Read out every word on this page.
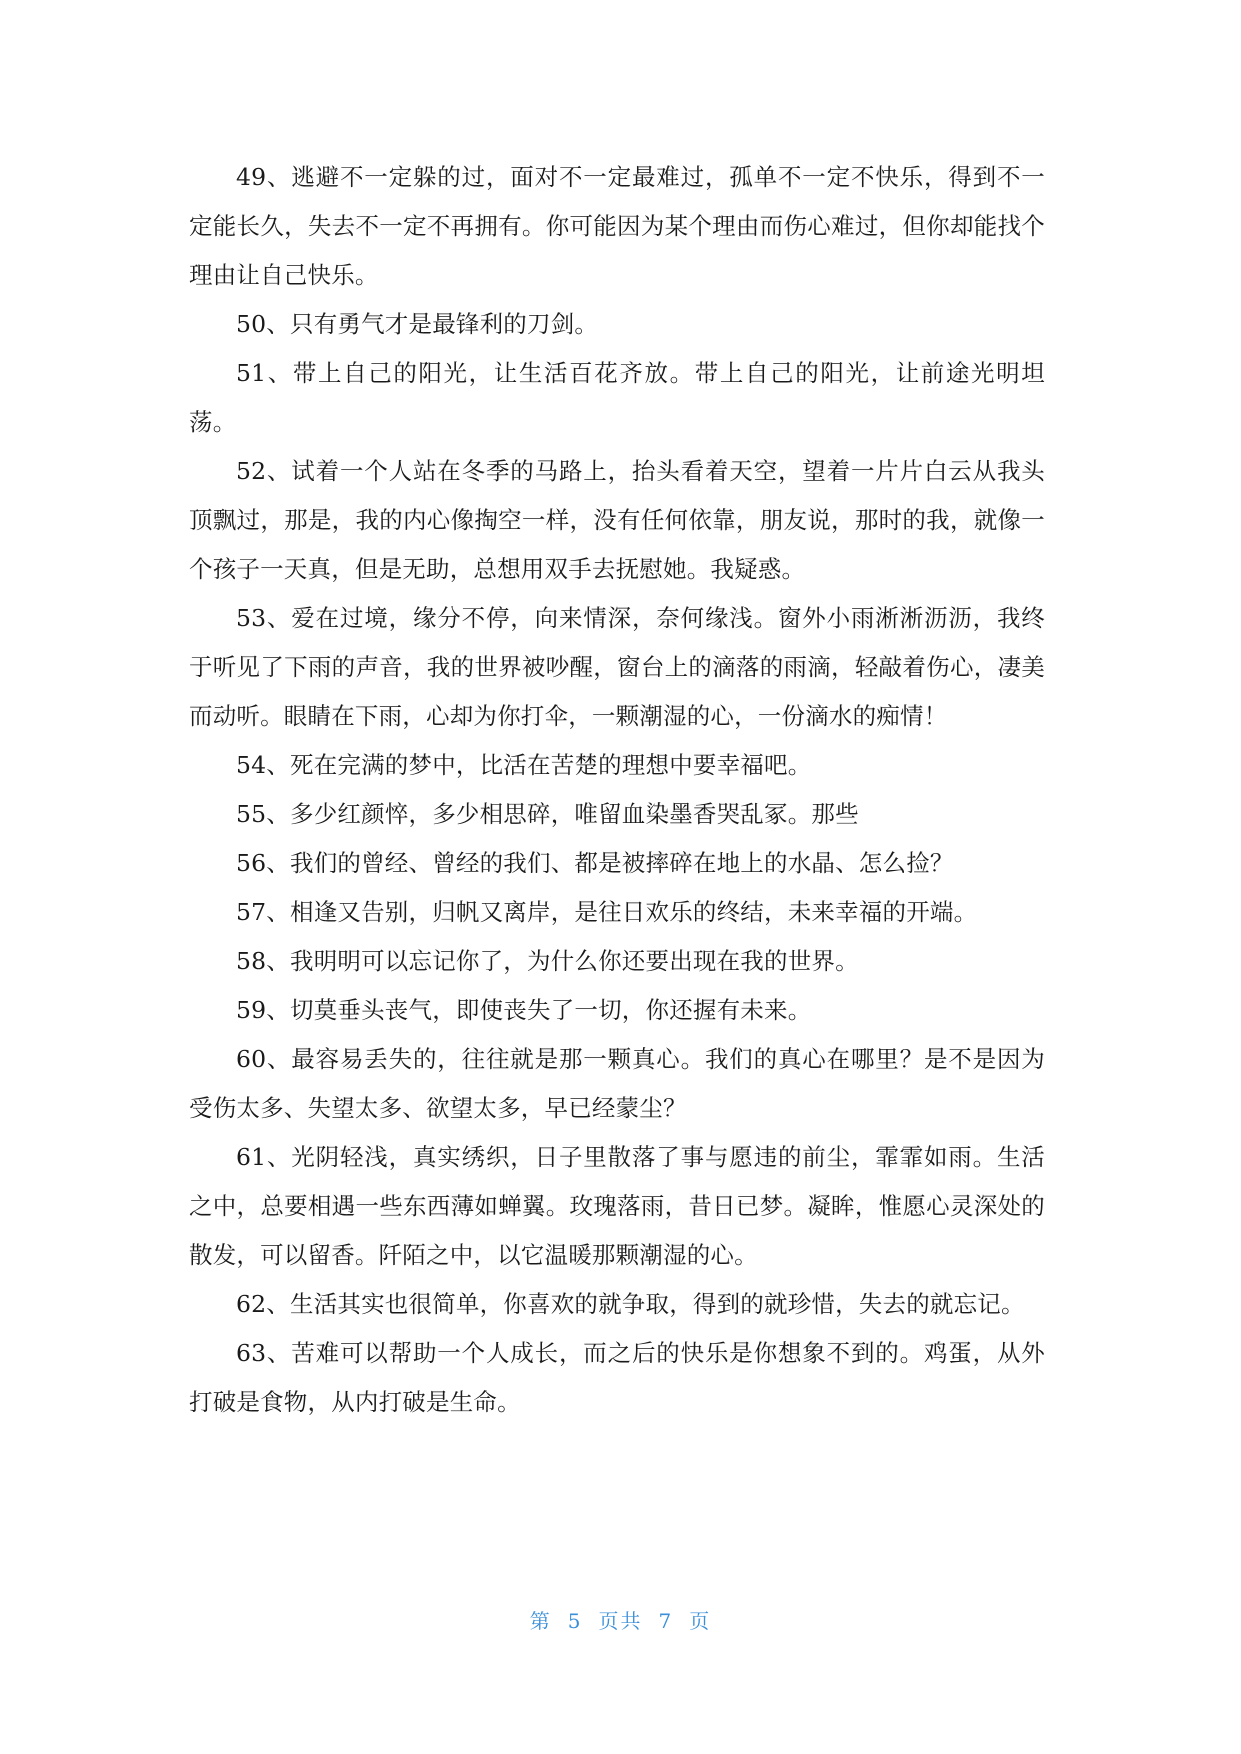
49、逃避不一定躲的过，面对不一定最难过，孤单不一定不快乐，得到不一定能长久，失去不一定不再拥有。你可能因为某个理由而伤心难过，但你却能找个理由让自己快乐。

50、只有勇气才是最锋利的刀剑。

51、带上自己的阳光，让生活百花齐放。带上自己的阳光，让前途光明坦荡。

52、试着一个人站在冬季的马路上，抬头看着天空，望着一片片白云从我头顶飘过，那是，我的内心像掏空一样，没有任何依靠，朋友说，那时的我，就像一个孩子一天真，但是无助，总想用双手去抚慰她。我疑惑。

53、爱在过境，缘分不停，向来情深，奈何缘浅。窗外小雨淅淅沥沥，我终于听见了下雨的声音，我的世界被吵醒，窗台上的滴落的雨滴，轻敲着伤心，凄美而动听。眼睛在下雨，心却为你打伞，一颗潮湿的心，一份滴水的痴情！

54、死在完满的梦中，比活在苦楚的理想中要幸福吧。

55、多少红颜悴，多少相思碎，唯留血染墨香哭乱冢。那些

56、我们的曾经、曾经的我们、都是被摔碎在地上的水晶、怎么捡？

57、相逢又告别，归帆又离岸，是往日欢乐的终结，未来幸福的开端。

58、我明明可以忘记你了，为什么你还要出现在我的世界。

59、切莫垂头丧气，即使丧失了一切，你还握有未来。

60、最容易丢失的，往往就是那一颗真心。我们的真心在哪里？是不是因为受伤太多、失望太多、欲望太多，早已经蒙尘？

61、光阴轻浅，真实绣织，日子里散落了事与愿违的前尘，霏霏如雨。生活之中，总要相遇一些东西薄如蝉翼。玫瑰落雨，昔日已梦。凝眸，惟愿心灵深处的散发，可以留香。阡陌之中，以它温暖那颗潮湿的心。

62、生活其实也很简单，你喜欢的就争取，得到的就珍惜，失去的就忘记。

63、苦难可以帮助一个人成长，而之后的快乐是你想象不到的。鸡蛋，从外打破是食物，从内打破是生命。

第 5 页共 7 页
